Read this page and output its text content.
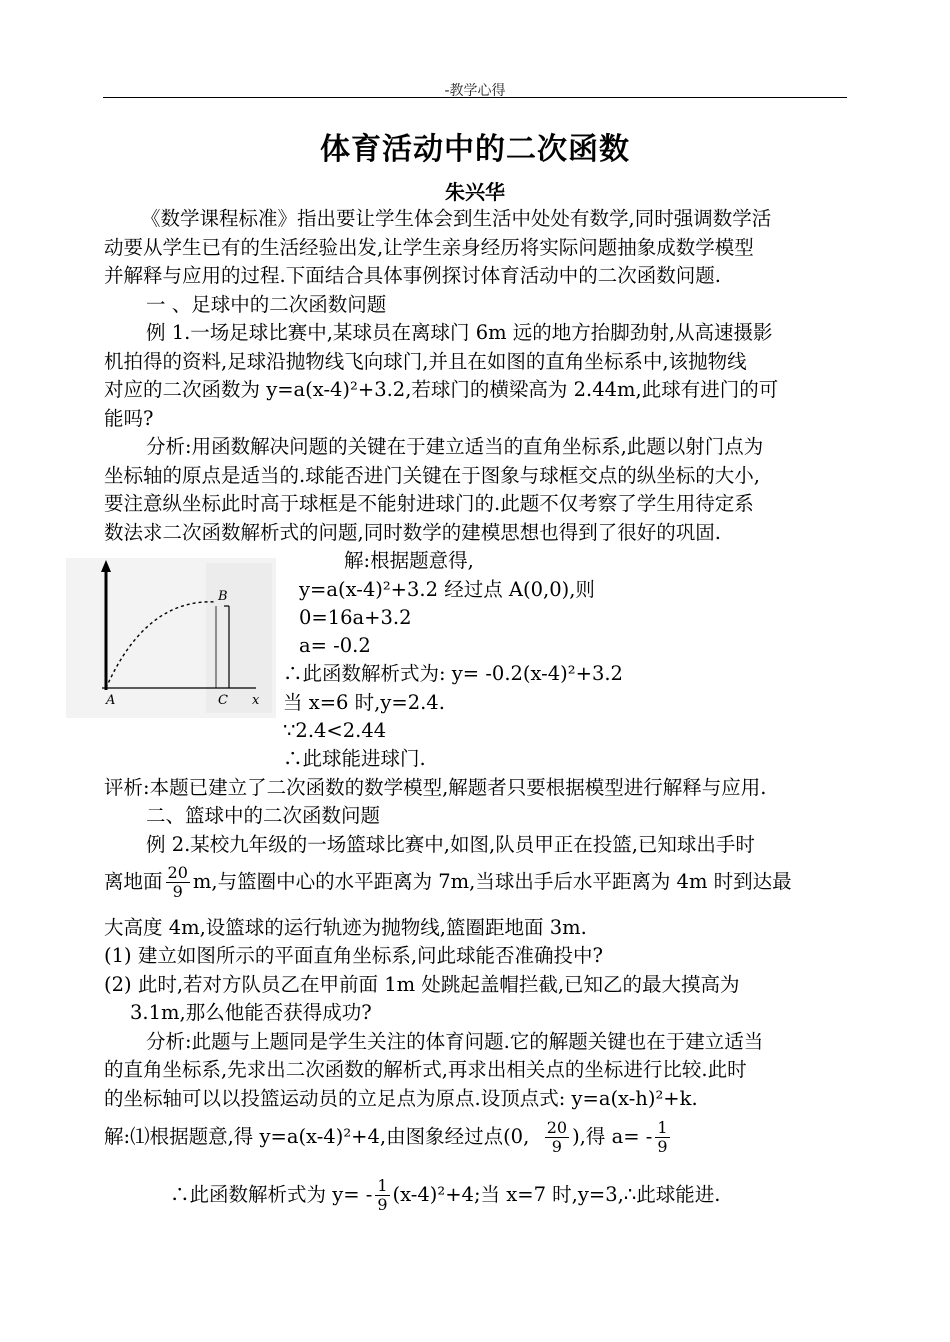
-教学心得
体育活动中的二次函数
朱兴华
《数学课程标准》指出要让学生体会到生活中处处有数学,同时强调数学活
动要从学生已有的生活经验出发,让学生亲身经历将实际问题抽象成数学模型
并解释与应用的过程.下面结合具体事例探讨体育活动中的二次函数问题.
一 、足球中的二次函数问题
例 1.一场足球比赛中,某球员在离球门 6m 远的地方抬脚劲射,从高速摄影
机拍得的资料,足球沿抛物线飞向球门,并且在如图的直角坐标系中,该抛物线
对应的二次函数为 y=a(x-4)²+3.2,若球门的横梁高为 2.44m,此球有进门的可
能吗?
分析:用函数解决问题的关键在于建立适当的直角坐标系,此题以射门点为
坐标轴的原点是适当的.球能否进门关键在于图象与球框交点的纵坐标的大小,
要注意纵坐标此时高于球框是不能射进球门的.此题不仅考察了学生用待定系
数法求二次函数解析式的问题,同时数学的建模思想也得到了很好的巩固.
A
B
C x
解:根据题意得,
y=a(x-4)²+3.2 经过点 A(0,0),则
0=16a+3.2
a= -0.2
∴此函数解析式为: y= -0.2(x-4)²+3.2
当 x=6 时,y=2.4.
∵2.4<2.44
∴此球能进球门.
评析:本题已建立了二次函数的数学模型,解题者只要根据模型进行解释与应用.
二、篮球中的二次函数问题
例 2.某校九年级的一场篮球比赛中,如图,队员甲正在投篮,已知球出手时
离地面 $\frac{20}{9} m$,与篮圈中心的水平距离为 7m,当球出手后水平距离为 4m 时到达最
大高度 4m,设篮球的运行轨迹为抛物线,篮圈距地面 3m.
(1) 建立如图所示的平面直角坐标系,问此球能否准确投中?
(2) 此时,若对方队员乙在甲前面 1m 处跳起盖帽拦截,已知乙的最大摸高为
3.1m,那么他能否获得成功?
分析:此题与上题同是学生关注的体育问题.它的解题关键也在于建立适当
的直角坐标系,先求出二次函数的解析式,再求出相关点的坐标进行比较.此时
的坐标轴可以以投篮运动员的立足点为原点.设顶点式: y=a(x-h)²+k.
解:⑴根据题意,得 y=a(x-4)²+4,由图象经过点(0, $\frac{20}{9}$ ),得 $a= - \frac{1}{9}$
∴此函数解析式为 $y= - \frac{1}{9} (x-4)^2+4$;当 x=7 时,y=3,∴此球能进.
